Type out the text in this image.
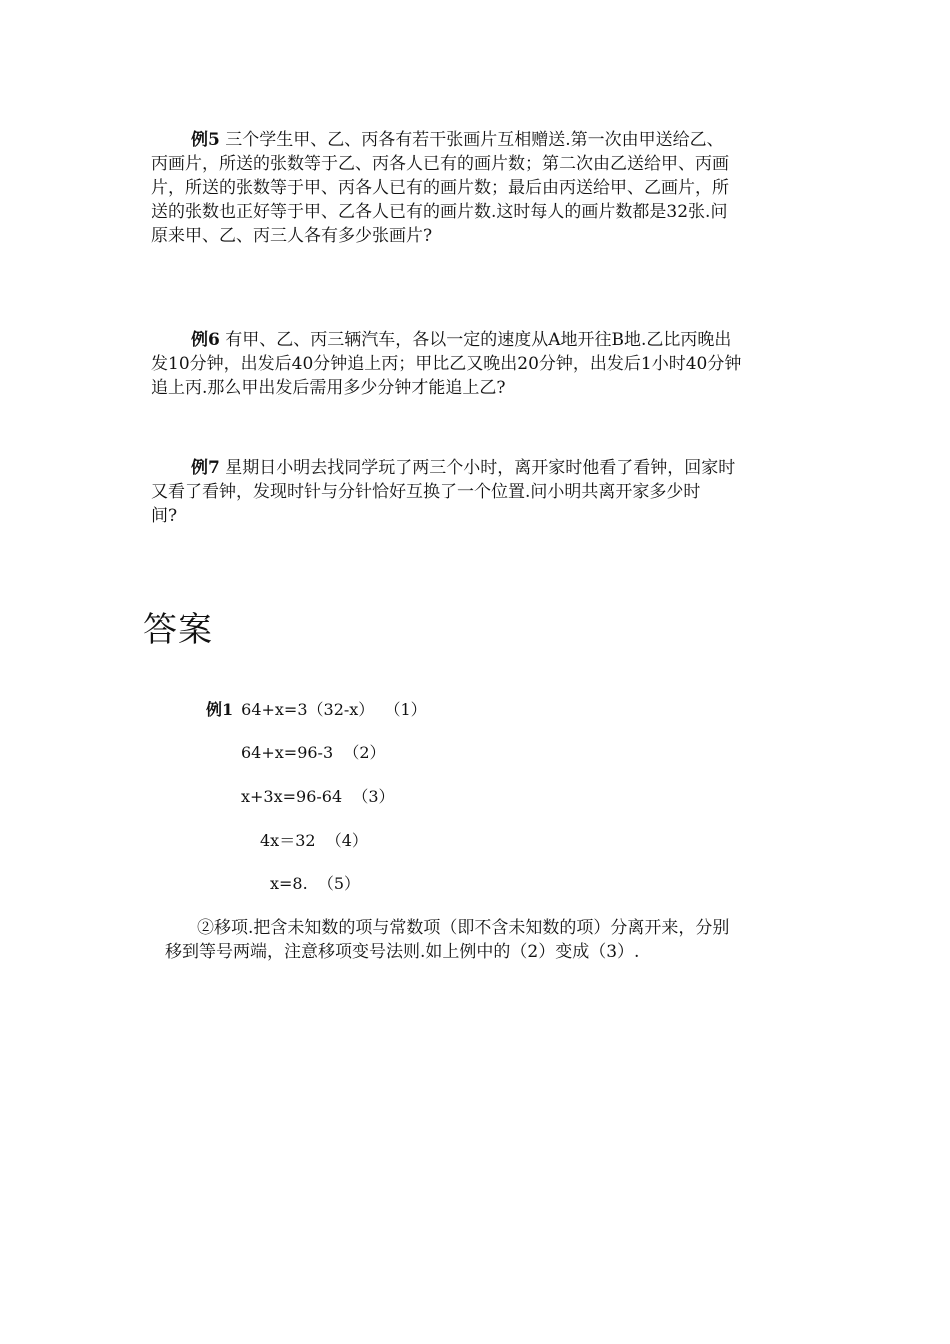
例5 三个学生甲、乙、丙各有若干张画片互相赠送.第一次由甲送给乙、
丙画片，所送的张数等于乙、丙各人已有的画片数；第二次由乙送给甲、丙画
片，所送的张数等于甲、丙各人已有的画片数；最后由丙送给甲、乙画片，所
送的张数也正好等于甲、乙各人已有的画片数.这时每人的画片数都是32张.问
原来甲、乙、丙三人各有多少张画片?
例6 有甲、乙、丙三辆汽车，各以一定的速度从A地开往B地.乙比丙晚出
发10分钟，出发后40分钟追上丙；甲比乙又晚出20分钟，出发后1小时40分钟
追上丙.那么甲出发后需用多少分钟才能追上乙?
例7 星期日小明去找同学玩了两三个小时，离开家时他看了看钟，回家时
又看了看钟，发现时针与分针恰好互换了一个位置.问小明共离开家多少时
间?
答案
例1 64+x=3（32-x）  （1）
64+x=96-3  （2）
x+3x=96-64  （3）
4x＝32  （4）
x=8.  （5）
②移项.把含未知数的项与常数项（即不含未知数的项）分离开来，分别
移到等号两端，注意移项变号法则.如上例中的（2）变成（3）.
